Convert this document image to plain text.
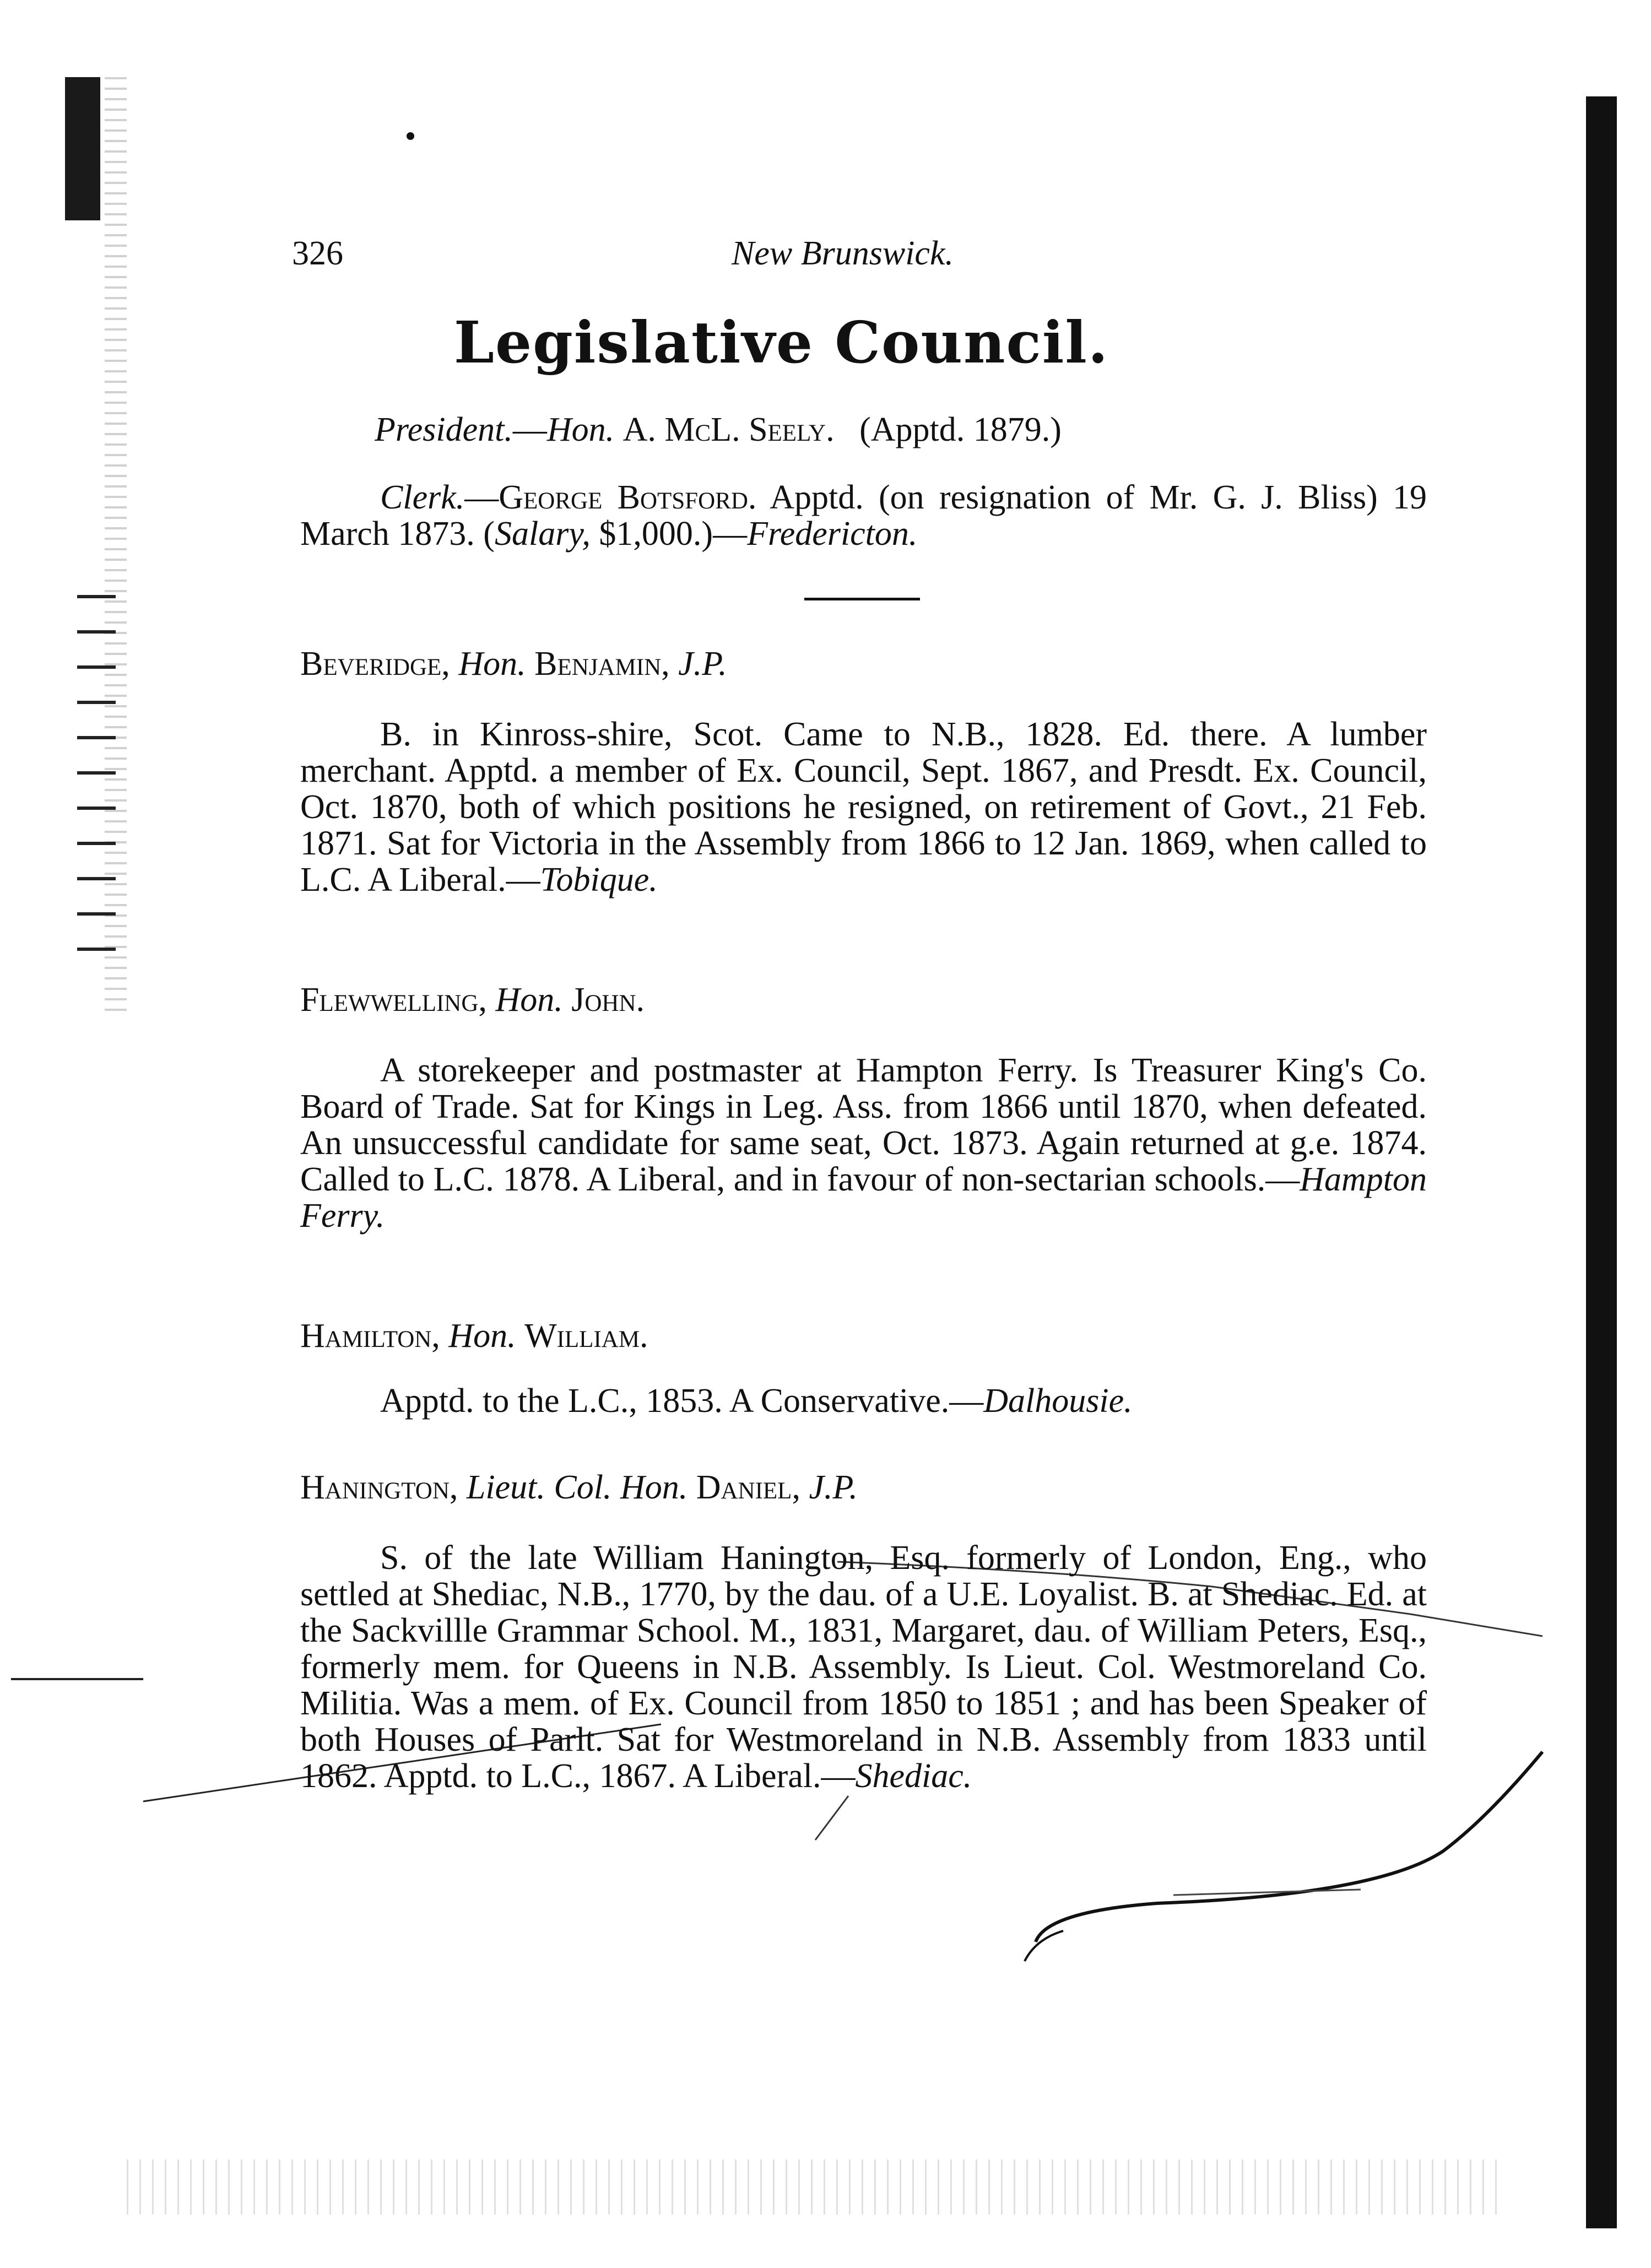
326	New Brunswick.
Legislative Council.
President.—Hon. A. McL. Seely. (Apptd. 1879.)
Clerk.—George Botsford. Apptd. (on resignation of Mr. G. J. Bliss) 19 March 1873. (Salary, $1,000.)—Fredericton.
Beveridge, Hon. Benjamin, J.P.
B. in Kinross-shire, Scot. Came to N.B., 1828. Ed. there. A lumber merchant. Apptd. a member of Ex. Council, Sept. 1867, and Presdt. Ex. Council, Oct. 1870, both of which positions he resigned, on retirement of Govt., 21 Feb. 1871. Sat for Victoria in the Assembly from 1866 to 12 Jan. 1869, when called to L.C. A Liberal.—Tobique.
Flewwelling, Hon. John.
A storekeeper and postmaster at Hampton Ferry. Is Treasurer King's Co. Board of Trade. Sat for Kings in Leg. Ass. from 1866 until 1870, when defeated. An unsuccessful candidate for same seat, Oct. 1873. Again returned at g.e. 1874. Called to L.C. 1878. A Liberal, and in favour of non-sectarian schools.—Hampton Ferry.
Hamilton, Hon. William.
Apptd. to the L.C., 1853. A Conservative.—Dalhousie.
Hanington, Lieut. Col. Hon. Daniel, J.P.
S. of the late William Hanington, Esq. formerly of London, Eng., who settled at Shediac, N.B., 1770, by the dau. of a U.E. Loyalist. B. at Shediac. Ed. at the Sackvillle Grammar School. M., 1831, Margaret, dau. of William Peters, Esq., formerly mem. for Queens in N.B. Assembly. Is Lieut. Col. Westmoreland Co. Militia. Was a mem. of Ex. Council from 1850 to 1851 ; and has been Speaker of both Houses of Parlt. Sat for Westmoreland in N.B. Assembly from 1833 until 1862. Apptd. to L.C., 1867. A Liberal.—Shediac.
